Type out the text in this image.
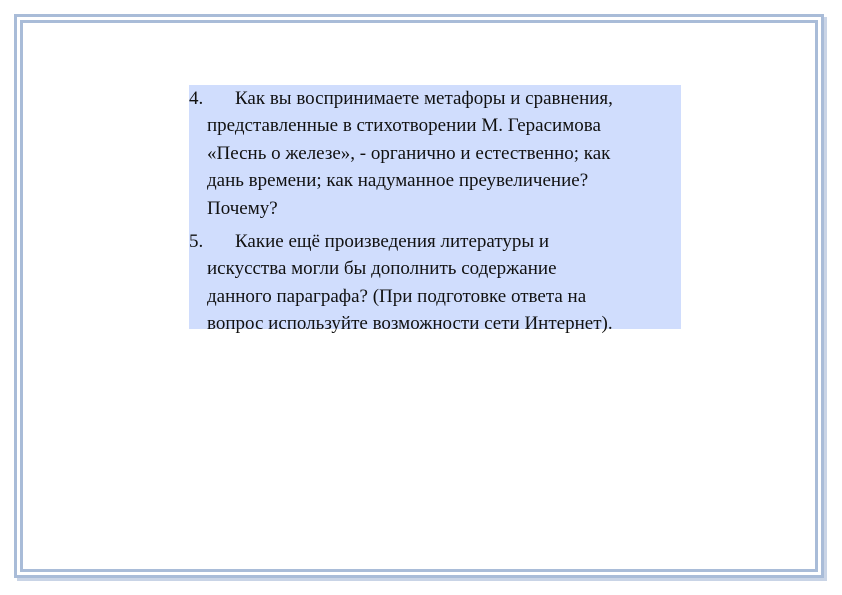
4.	Как вы воспринимаете метафоры и сравнения,
представленные в стихотворении М. Герасимова
«Песнь о железе», - органично и естественно; как
дань времени; как надуманное преувеличение?
Почему?
5.	Какие ещё произведения литературы и
искусства могли бы дополнить содержание
данного параграфа? (При подготовке ответа на
вопрос используйте возможности сети Интернет).
